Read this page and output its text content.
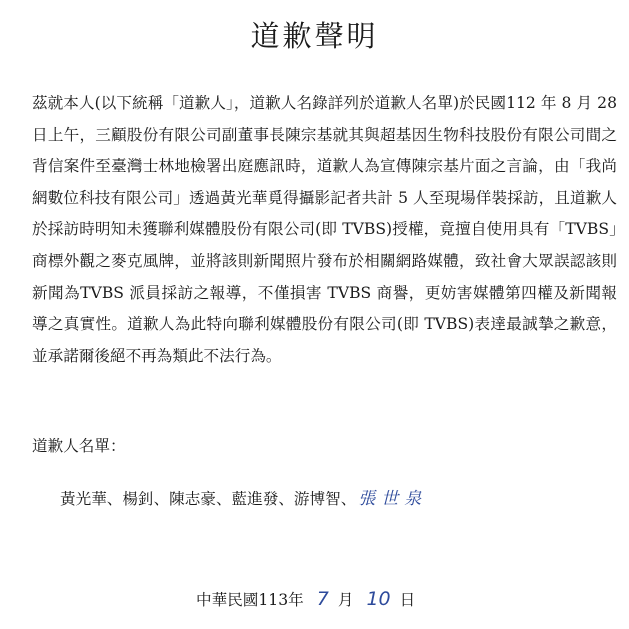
道歉聲明

茲就本人(以下統稱「道歉人」，道歉人名錄詳列於道歉人名單)於民國112 年 8 月 28 日上午，三顧股份有限公司副董事長陳宗基就其與超基因生物科技股份有限公司間之背信案件至臺灣士林地檢署出庭應訊時，道歉人為宣傳陳宗基片面之言論，由「我尚網數位科技有限公司」透過黃光華覓得攝影記者共計 5 人至現場佯裝採訪，且道歉人於採訪時明知未獲聯利媒體股份有限公司(即 TVBS)授權，竟擅自使用具有「TVBS」商標外觀之麥克風牌，並將該則新聞照片發布於相關網路媒體，致社會大眾誤認該則新聞為TVBS 派員採訪之報導，不僅損害 TVBS 商譽，更妨害媒體第四權及新聞報導之真實性。道歉人為此特向聯利媒體股份有限公司(即 TVBS)表達最誠摯之歉意，並承諾爾後絕不再為類此不法行為。

道歉人名單：

黃光華、楊釗、陳志豪、藍進發、游博智、 張世泉
中華民國113年 7 月 10 日
